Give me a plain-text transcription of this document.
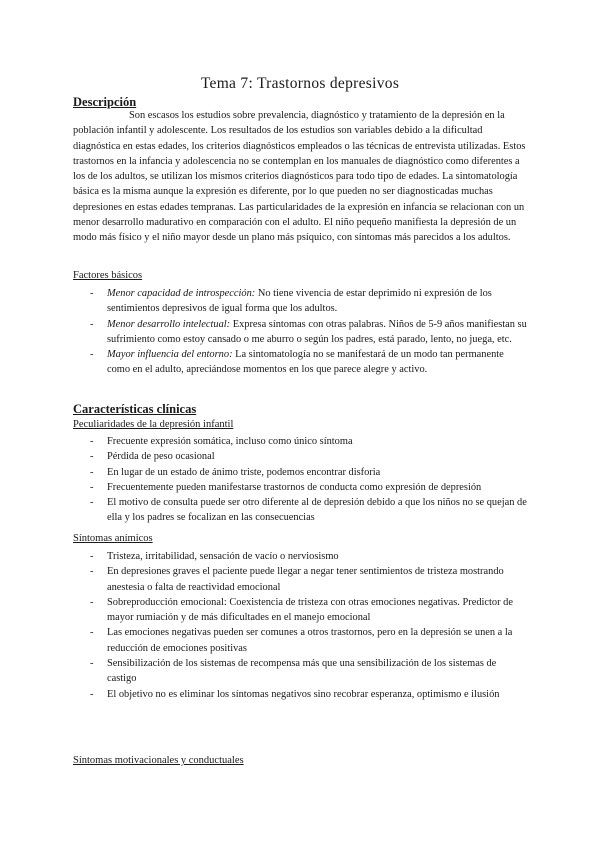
Tema 7: Trastornos depresivos
Descripción

Son escasos los estudios sobre prevalencia, diagnóstico y tratamiento de la depresión en la población infantil y adolescente. Los resultados de los estudios son variables debido a la dificultad diagnóstica en estas edades, los criterios diagnósticos empleados o las técnicas de entrevista utilizadas. Estos trastornos en la infancia y adolescencia no se contemplan en los manuales de diagnóstico como diferentes a los de los adultos, se utilizan los mismos criterios diagnósticos para todo tipo de edades. La sintomatología básica es la misma aunque la expresión es diferente, por lo que pueden no ser diagnosticadas muchas depresiones en estas edades tempranas. Las particularidades de la expresión en infancia se relacionan con un menor desarrollo madurativo en comparación con el adulto. El niño pequeño manifiesta la depresión de un modo más físico y el niño mayor desde un plano más psíquico, con síntomas más parecidos a los adultos.

Factores básicos
- Menor capacidad de introspección: No tiene vivencia de estar deprimido ni expresión de los sentimientos depresivos de igual forma que los adultos.
- Menor desarrollo intelectual: Expresa síntomas con otras palabras. Niños de 5-9 años manifiestan su sufrimiento como estoy cansado o me aburro o según los padres, está parado, lento, no juega, etc.
- Mayor influencia del entorno: La sintomatología no se manifestará de un modo tan permanente como en el adulto, apreciándose momentos en los que parece alegre y activo.
Características clínicas
Peculiaridades de la depresión infantil
- Frecuente expresión somática, incluso como único síntoma
- Pérdida de peso ocasional
- En lugar de un estado de ánimo triste, podemos encontrar disforia
- Frecuentemente pueden manifestarse trastornos de conducta como expresión de depresión
- El motivo de consulta puede ser otro diferente al de depresión debido a que los niños no se quejan de ella y los padres se focalizan en las consecuencias
Síntomas anímicos
- Tristeza, irritabilidad, sensación de vacío o nerviosismo
- En depresiones graves el paciente puede llegar a negar tener sentimientos de tristeza mostrando anestesia o falta de reactividad emocional
- Sobreproducción emocional: Coexistencia de tristeza con otras emociones negativas. Predictor de mayor rumiación y de más dificultades en el manejo emocional
- Las emociones negativas pueden ser comunes a otros trastornos, pero en la depresión se unen a la reducción de emociones positivas
- Sensibilización de los sistemas de recompensa más que una sensibilización de los sistemas de castigo
- El objetivo no es eliminar los síntomas negativos sino recobrar esperanza, optimismo e ilusión
Síntomas motivacionales y conductuales
